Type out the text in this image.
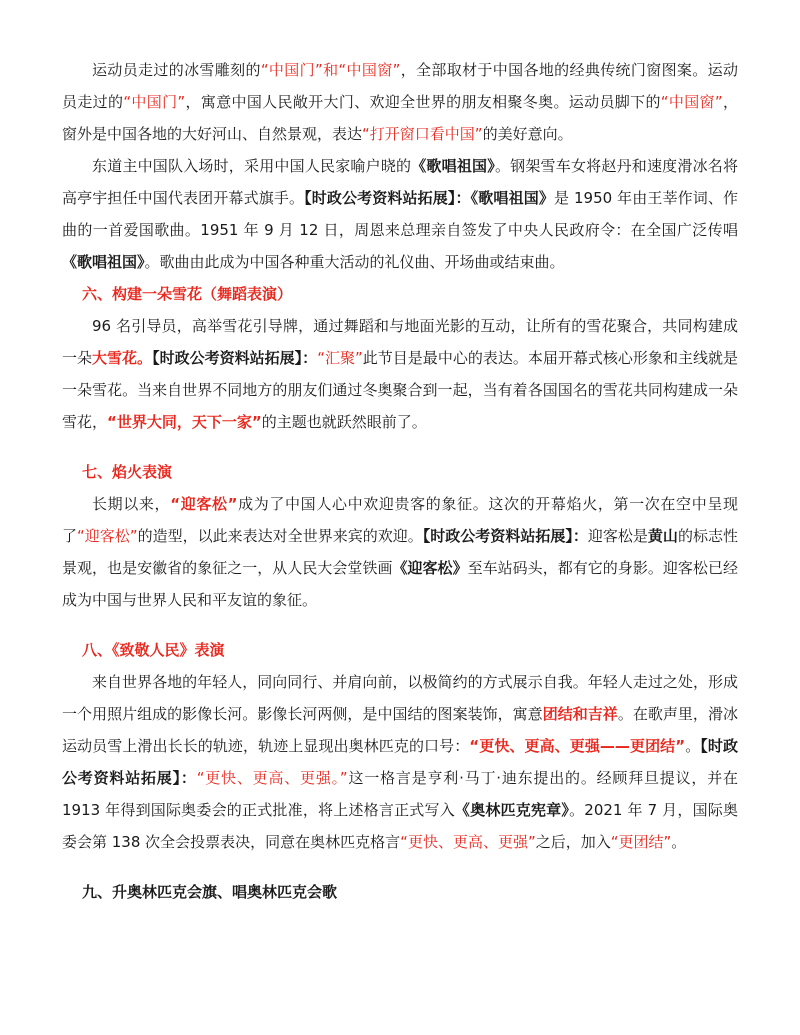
运动员走过的冰雪雕刻的“中国门”和“中国窗”，全部取材于中国各地的经典传统门窗图案。运动员走过的“中国门”，寓意中国人民敞开大门、欢迎全世界的朋友相聚冬奥。运动员脚下的“中国窗”，窗外是中国各地的大好河山、自然景观，表达“打开窗口看中国”的美好意向。

东道主中国队入场时，采用中国人民家喻户晓的《歌唱祖国》。钢架雪车女将赵丹和速度滑冰名将高亭宇担任中国代表团开幕式旗手。【时政公考资料站拓展】：《歌唱祖国》是 1950 年由王莘作词、作曲的一首爱国歌曲。1951 年 9 月 12 日，周恩来总理亲自签发了中央人民政府令：在全国广泛传唱《歌唱祖国》。歌曲由此成为中国各种重大活动的礼仪曲、开场曲或结束曲。

六、构建一朵雪花（舞蹈表演）

96 名引导员，高举雪花引导牌，通过舞蹈和与地面光影的互动，让所有的雪花聚合，共同构建成一朵大雪花。【时政公考资料站拓展】：“汇聚”此节目是最中心的表达。本届开幕式核心形象和主线就是一朵雪花。当来自世界不同地方的朋友们通过冬奥聚合到一起，当有着各国国名的雪花共同构建成一朵雪花，“世界大同，天下一家”的主题也就跃然眼前了。

七、焰火表演

长期以来，“迎客松”成为了中国人心中欢迎贵客的象征。这次的开幕焰火，第一次在空中呈现了“迎客松”的造型，以此来表达对全世界来宾的欢迎。【时政公考资料站拓展】：迎客松是黄山的标志性景观，也是安徽省的象征之一，从人民大会堂铁画《迎客松》至车站码头，都有它的身影。迎客松已经成为中国与世界人民和平友谊的象征。

八、《致敬人民》表演

来自世界各地的年轻人，同向同行、并肩向前，以极简约的方式展示自我。年轻人走过之处，形成一个用照片组成的影像长河。影像长河两侧，是中国结的图案装饰，寓意团结和吉祥。在歌声里，滑冰运动员雪上滑出长长的轨迹，轨迹上显现出奥林匹克的口号：“更快、更高、更强——更团结”。【时政公考资料站拓展】：“更快、更高、更强。”这一格言是亨利·马丁·迪东提出的。经顾拜旦提议，并在 1913 年得到国际奥委会的正式批准，将上述格言正式写入《奥林匹克宪章》。2021 年 7 月，国际奥委会第 138 次全会投票表决，同意在奥林匹克格言“更快、更高、更强”之后，加入“更团结”。

九、升奥林匹克会旗、唱奥林匹克会歌
